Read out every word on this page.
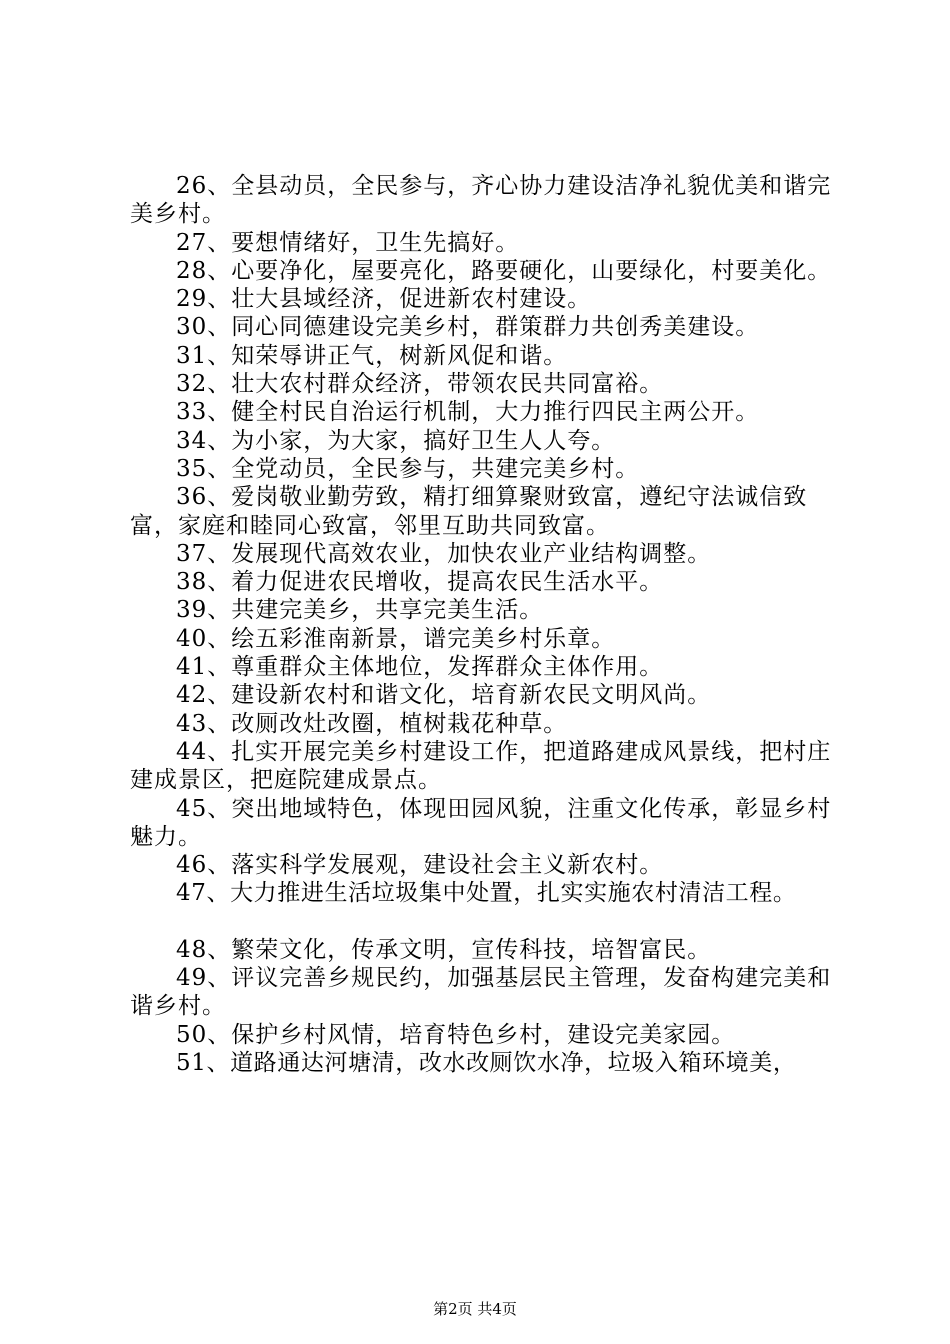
26、全县动员，全民参与，齐心协力建设洁净礼貌优美和谐完美乡村。

27、要想情绪好，卫生先搞好。

28、心要净化，屋要亮化，路要硬化，山要绿化，村要美化。

29、壮大县域经济，促进新农村建设。

30、同心同德建设完美乡村，群策群力共创秀美建设。

31、知荣辱讲正气，树新风促和谐。

32、壮大农村群众经济，带领农民共同富裕。

33、健全村民自治运行机制，大力推行四民主两公开。

34、为小家，为大家，搞好卫生人人夸。

35、全党动员，全民参与，共建完美乡村。

36、爱岗敬业勤劳致，精打细算聚财致富，遵纪守法诚信致富，家庭和睦同心致富，邻里互助共同致富。

37、发展现代高效农业，加快农业产业结构调整。

38、着力促进农民增收，提高农民生活水平。

39、共建完美乡，共享完美生活。

40、绘五彩淮南新景，谱完美乡村乐章。

41、尊重群众主体地位，发挥群众主体作用。

42、建设新农村和谐文化，培育新农民文明风尚。

43、改厕改灶改圈，植树栽花种草。

44、扎实开展完美乡村建设工作，把道路建成风景线，把村庄建成景区，把庭院建成景点。

45、突出地域特色，体现田园风貌，注重文化传承，彰显乡村魅力。

46、落实科学发展观，建设社会主义新农村。

47、大力推进生活垃圾集中处置，扎实实施农村清洁工程。

48、繁荣文化，传承文明，宣传科技，培智富民。

49、评议完善乡规民约，加强基层民主管理，发奋构建完美和谐乡村。

50、保护乡村风情，培育特色乡村，建设完美家园。

51、道路通达河塘清，改水改厕饮水净，垃圾入箱环境美，

第2页 共4页
